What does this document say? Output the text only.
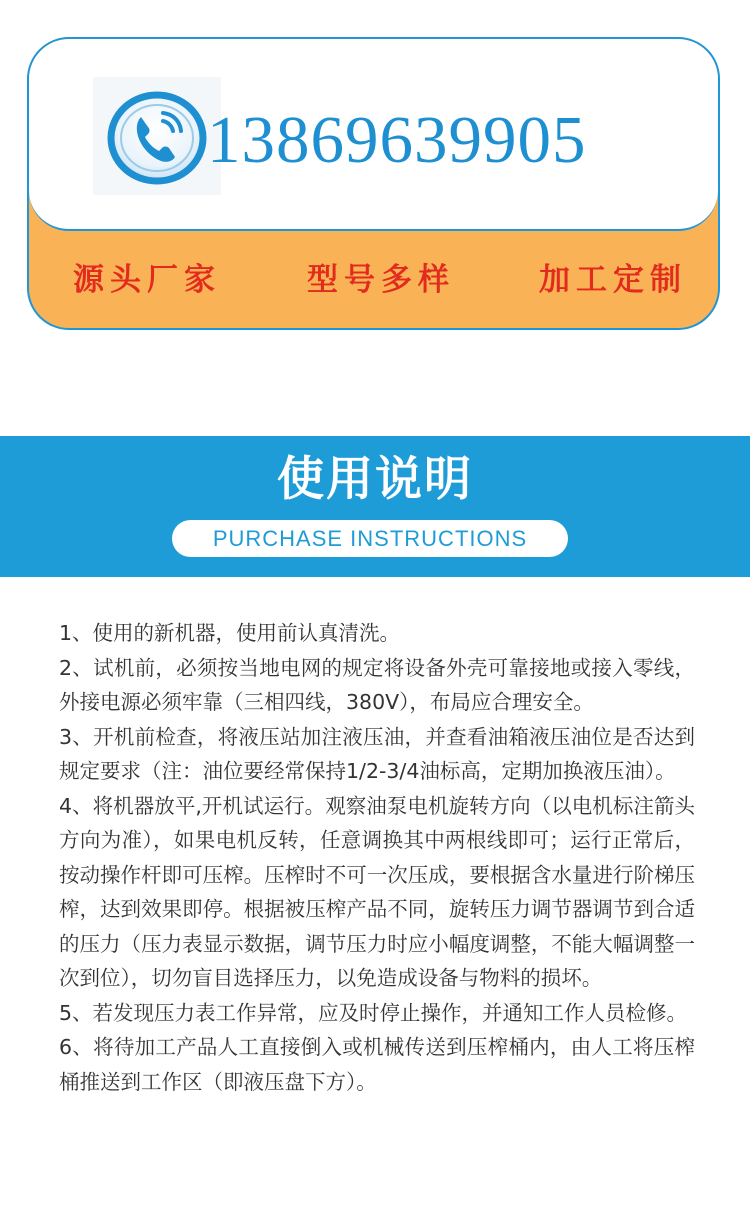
13869639905
源头厂家	型号多样	加工定制
使用说明
PURCHASE INSTRUCTIONS
1、使用的新机器，使用前认真清洗。
2、试机前，必须按当地电网的规定将设备外壳可靠接地或接入零线，外接电源必须牢靠（三相四线，380V），布局应合理安全。
3、开机前检查，将液压站加注液压油，并查看油箱液压油位是否达到规定要求（注：油位要经常保持1/2-3/4油标高，定期加换液压油）。
4、将机器放平,开机试运行。观察油泵电机旋转方向（以电机标注箭头方向为准），如果电机反转，任意调换其中两根线即可；运行正常后，按动操作杆即可压榨。压榨时不可一次压成，要根据含水量进行阶梯压榨，达到效果即停。根据被压榨产品不同，旋转压力调节器调节到合适的压力（压力表显示数据，调节压力时应小幅度调整，不能大幅调整一次到位），切勿盲目选择压力，以免造成设备与物料的损坏。
5、若发现压力表工作异常，应及时停止操作，并通知工作人员检修。
6、将待加工产品人工直接倒入或机械传送到压榨桶内，由人工将压榨桶推送到工作区（即液压盘下方）。
